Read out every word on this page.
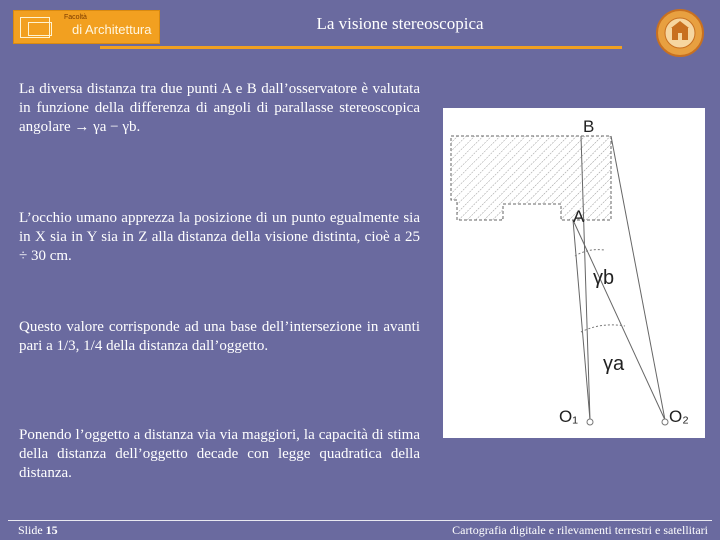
Facoltà
di Architettura	La visione stereoscopica
La diversa distanza tra due punti A e B dall’osservatore è valutata in funzione della differenza di angoli di parallasse stereoscopica angolare → γa − γb.
L’occhio umano apprezza la posizione di un punto egualmente sia in X sia in Y sia in Z alla distanza della visione distinta, cioè a 25 ÷ 30 cm.
Questo valore corrisponde ad una base dell’intersezione in avanti pari a 1/3, 1/4 della distanza dall’oggetto.
Ponendo l’oggetto a distanza via via maggiori, la capacità di stima della distanza dell’oggetto decade con legge quadratica della distanza.
B
A
γb
γa
O₁	O₂
Slide 15	Cartografia digitale e rilevamenti terrestri e satellitari
